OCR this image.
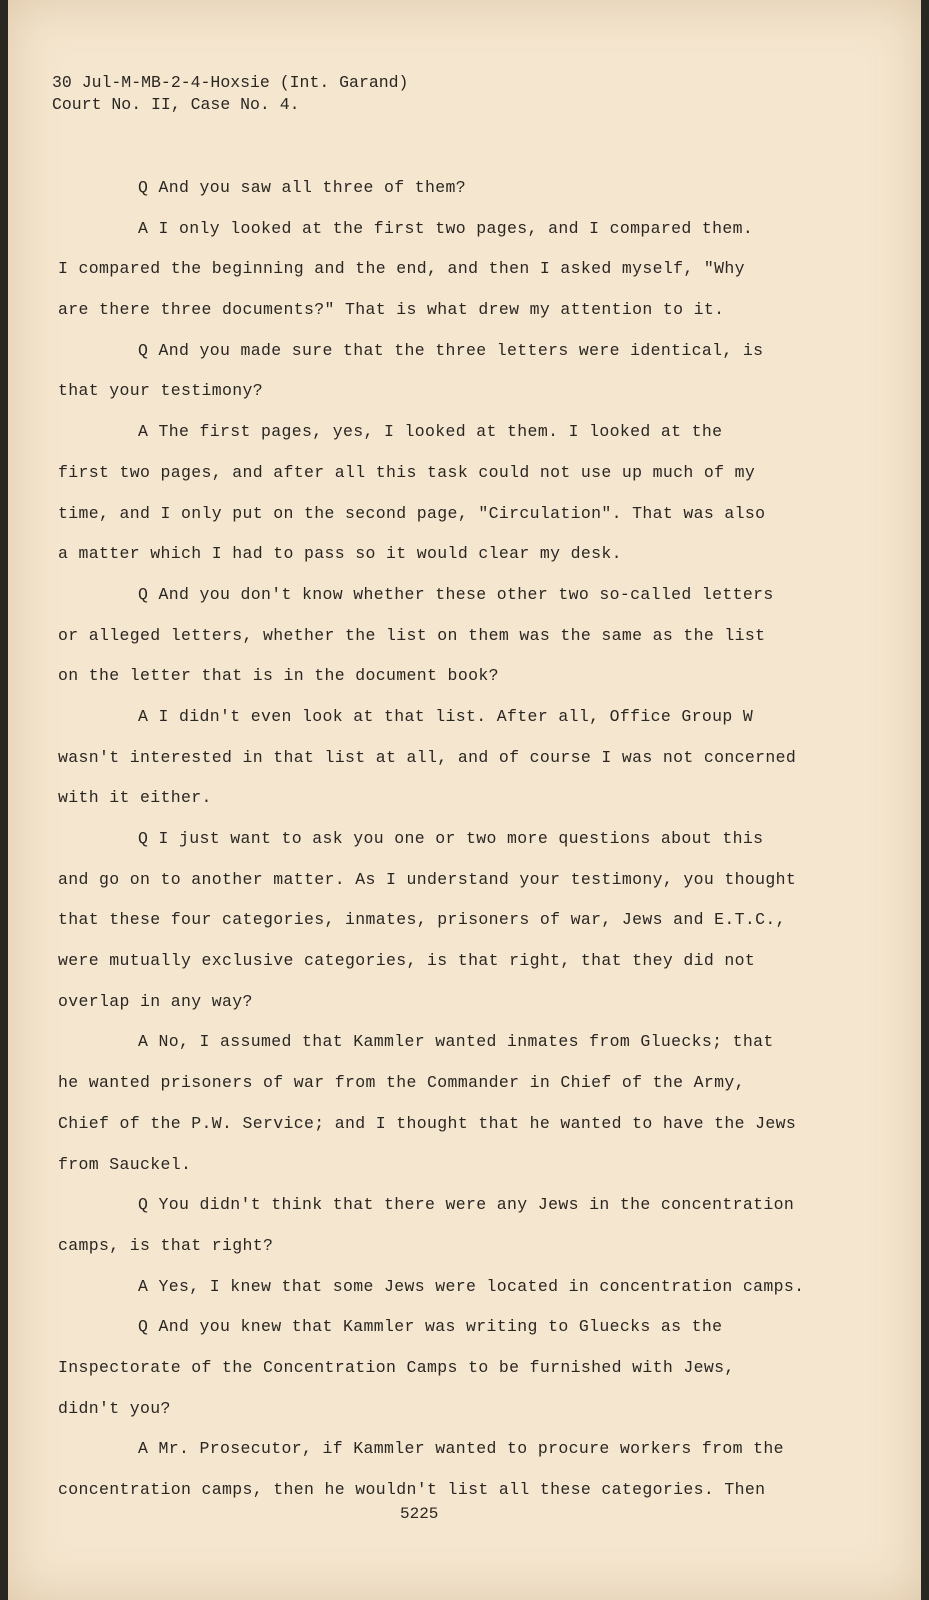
30 Jul-M-MB-2-4-Hoxsie (Int. Garand)
Court No. II, Case No. 4.
Q And you saw all three of them?
A I only looked at the first two pages, and I compared them.
I compared the beginning and the end, and then I asked myself, "Why
are there three documents?" That is what drew my attention to it.
Q And you made sure that the three letters were identical, is
that your testimony?
A The first pages, yes, I looked at them. I looked at the
first two pages, and after all this task could not use up much of my
time, and I only put on the second page, "Circulation". That was also
a matter which I had to pass so it would clear my desk.
Q And you don't know whether these other two so-called letters
or alleged letters, whether the list on them was the same as the list
on the letter that is in the document book?
A I didn't even look at that list. After all, Office Group W
wasn't interested in that list at all, and of course I was not concerned
with it either.
Q I just want to ask you one or two more questions about this
and go on to another matter. As I understand your testimony, you thought
that these four categories, inmates, prisoners of war, Jews and E.T.C.,
were mutually exclusive categories, is that right, that they did not
overlap in any way?
A No, I assumed that Kammler wanted inmates from Gluecks; that
he wanted prisoners of war from the Commander in Chief of the Army,
Chief of the P.W. Service; and I thought that he wanted to have the Jews
from Sauckel.
Q You didn't think that there were any Jews in the concentration
camps, is that right?
A Yes, I knew that some Jews were located in concentration camps.
Q And you knew that Kammler was writing to Gluecks as the
Inspectorate of the Concentration Camps to be furnished with Jews,
didn't you?
A Mr. Prosecutor, if Kammler wanted to procure workers from the
concentration camps, then he wouldn't list all these categories. Then
5225
